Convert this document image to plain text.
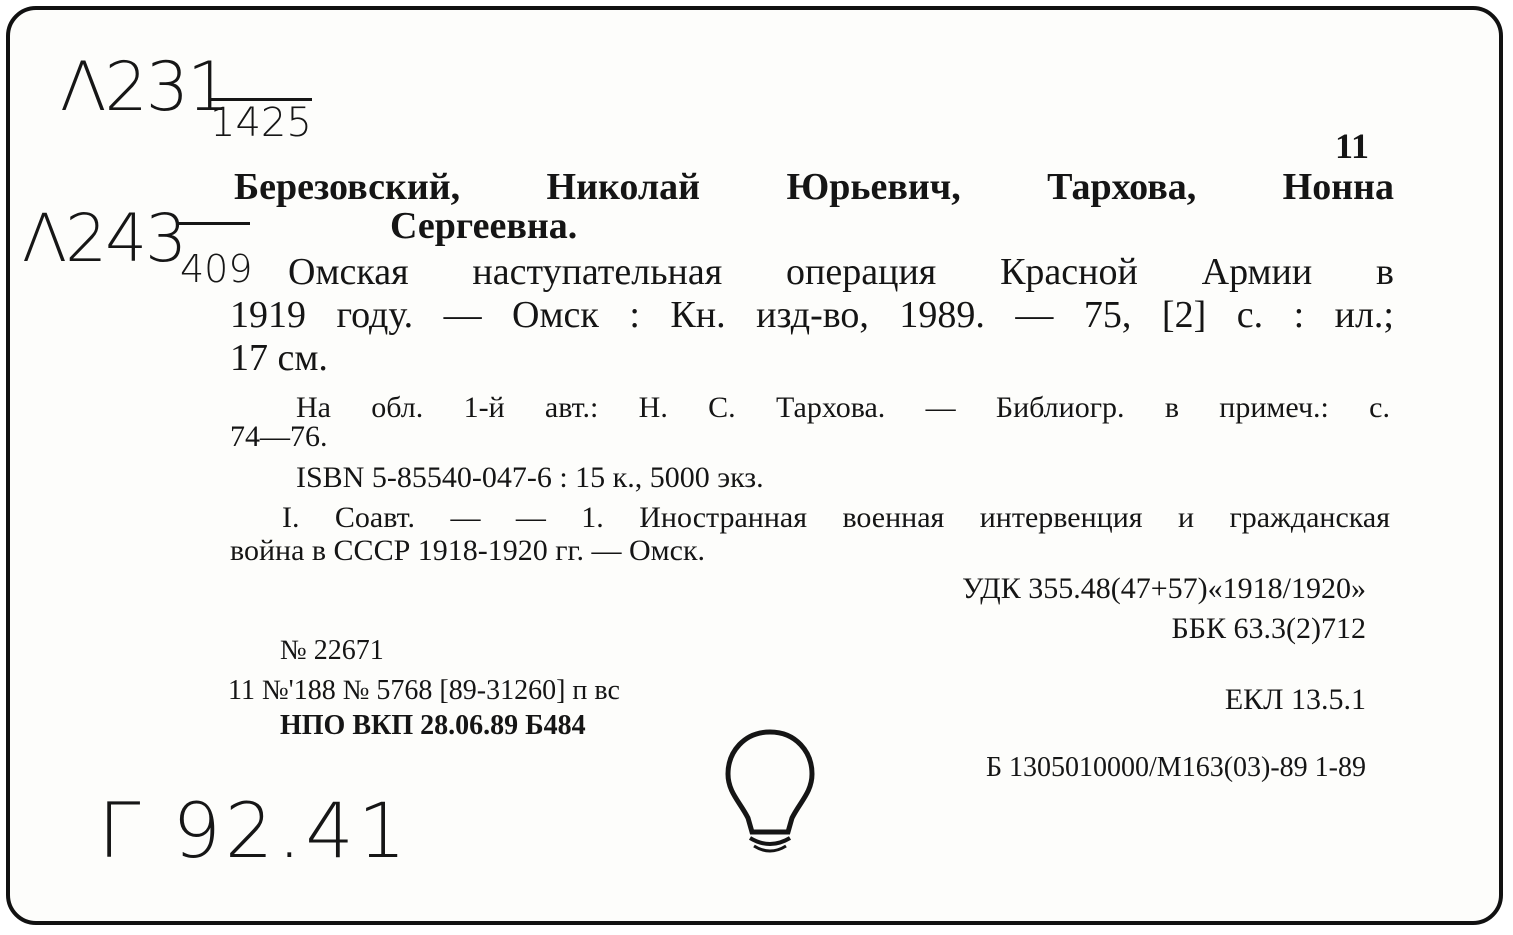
Λ231
1425
Λ243
409
11
Березовский, Николай Юрьевич, Тархова, Нонна
Сергеевна.
Омская наступательная операция Красной Армии в
1919 году. — Омск : Кн. изд-во, 1989. — 75, [2] с. : ил.;
17 см.
На обл. 1-й авт.: Н. С. Тархова. — Библиогр. в примеч.: с.
74—76.
ISBN 5-85540-047-6 : 15 к., 5000 экз.
I. Соавт. — — 1. Иностранная военная интервенция и гражданская
война в СССР 1918-1920 гг. — Омск.
УДК 355.48(47+57)«1918/1920»
ББК 63.3(2)712
№ 22671
11 №'188 № 5768 [89-31260] п вс
НПО ВКП 28.06.89 Б484
ЕКЛ 13.5.1
Б 1305010000/М163(03)-89 1-89
Γ 92.41
